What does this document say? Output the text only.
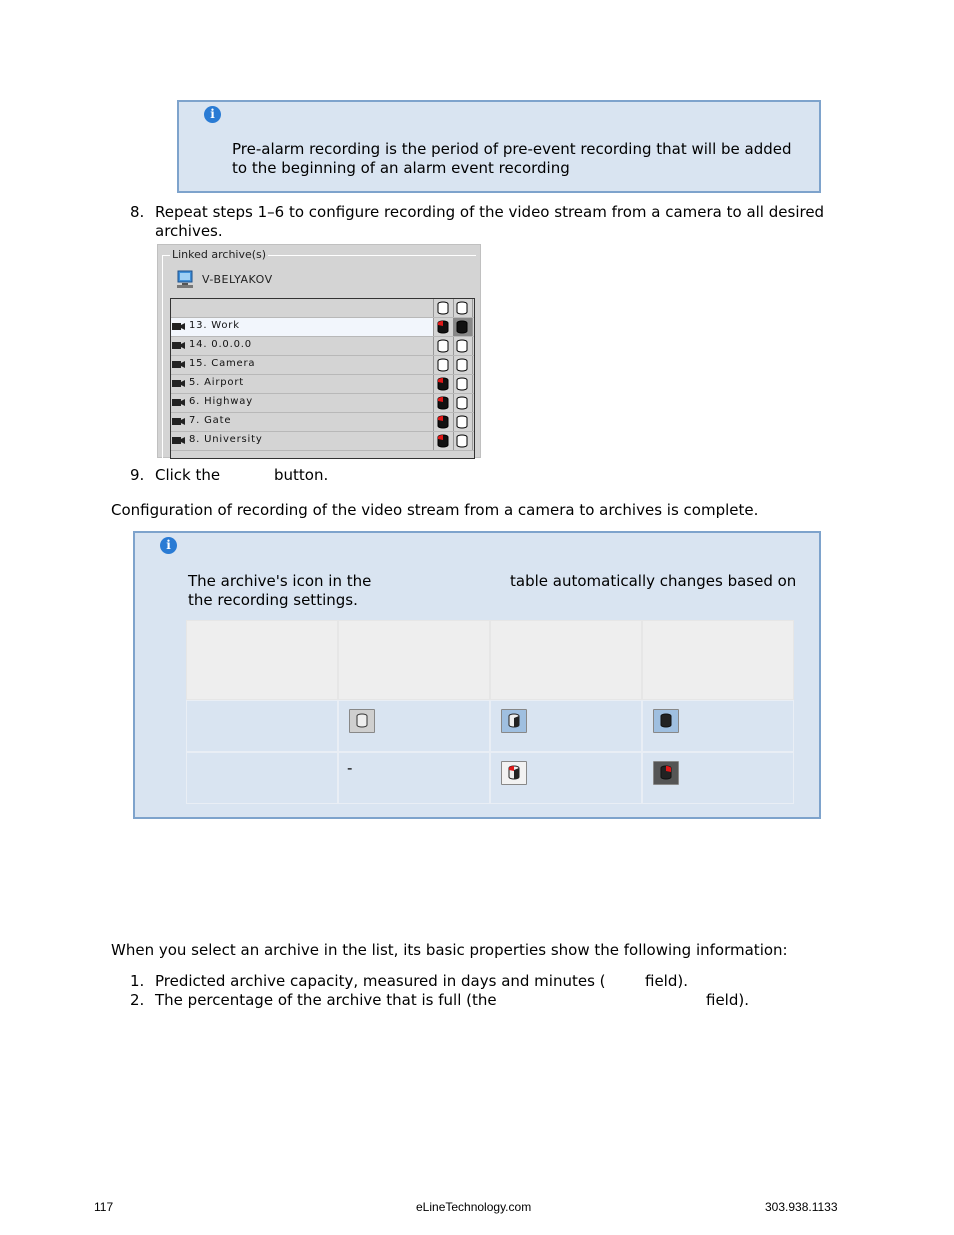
i
Pre-alarm recording is the period of pre-event recording that will be added
to the beginning of an alarm event recording
8. Repeat steps 1–6 to configure recording of the video stream from a camera to all desired
archives.
Linked archive(s)
V-BELYAKOV
13. Work
14. 0.0.0.0
15. Camera
5. Airport
6. Highway
7. Gate
8. University
9. Click the	button.
Configuration of recording of the video stream from a camera to archives is complete.
i
The archive's icon in the	table automatically changes based on
the recording settings.
-
When you select an archive in the list, its basic properties show the following information:
1. Predicted archive capacity, measured in days and minutes (	field).
2. The percentage of the archive that is full (the	field).
117	eLineTechnology.com	303.938.1133
